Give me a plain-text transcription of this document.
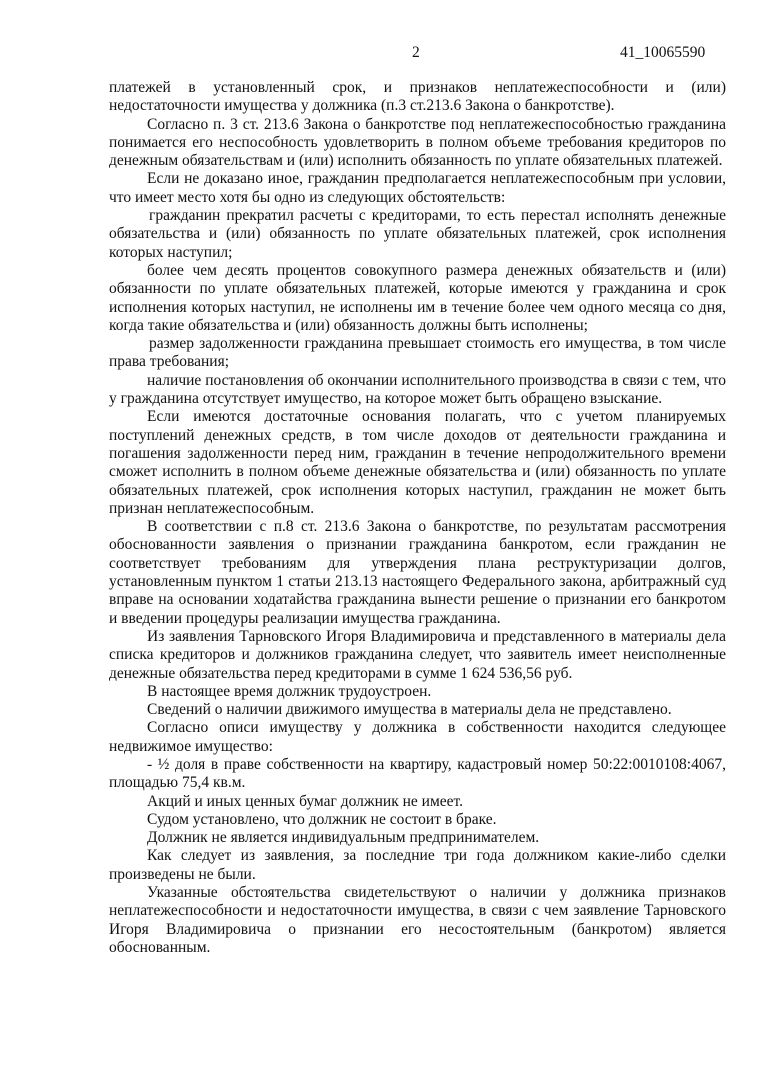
2	41_10065590

платежей в установленный срок, и признаков неплатежеспособности и (или) недостаточности имущества у должника (п.3 ст.213.6 Закона о банкротстве).

Согласно п. 3 ст. 213.6 Закона о банкротстве под неплатежеспособностью гражданина понимается его неспособность удовлетворить в полном объеме требования кредиторов по денежным обязательствам и (или) исполнить обязанность по уплате обязательных платежей.

Если не доказано иное, гражданин предполагается неплатежеспособным при условии, что имеет место хотя бы одно из следующих обстоятельств:

гражданин прекратил расчеты с кредиторами, то есть перестал исполнять денежные обязательства и (или) обязанность по уплате обязательных платежей, срок исполнения которых наступил;

более чем десять процентов совокупного размера денежных обязательств и (или) обязанности по уплате обязательных платежей, которые имеются у гражданина и срок исполнения которых наступил, не исполнены им в течение более чем одного месяца со дня, когда такие обязательства и (или) обязанность должны быть исполнены;

размер задолженности гражданина превышает стоимость его имущества, в том числе права требования;

наличие постановления об окончании исполнительного производства в связи с тем, что у гражданина отсутствует имущество, на которое может быть обращено взыскание.

Если имеются достаточные основания полагать, что с учетом планируемых поступлений денежных средств, в том числе доходов от деятельности гражданина и погашения задолженности перед ним, гражданин в течение непродолжительного времени сможет исполнить в полном объеме денежные обязательства и (или) обязанность по уплате обязательных платежей, срок исполнения которых наступил, гражданин не может быть признан неплатежеспособным.

В соответствии с п.8 ст. 213.6 Закона о банкротстве, по результатам рассмотрения обоснованности заявления о признании гражданина банкротом, если гражданин не соответствует требованиям для утверждения плана реструктуризации долгов, установленным пунктом 1 статьи 213.13 настоящего Федерального закона, арбитражный суд вправе на основании ходатайства гражданина вынести решение о признании его банкротом и введении процедуры реализации имущества гражданина.

Из заявления Тарновского Игоря Владимировича и представленного в материалы дела списка кредиторов и должников гражданина следует, что заявитель имеет неисполненные денежные обязательства перед кредиторами в сумме 1 624 536,56 руб.

В настоящее время должник трудоустроен.

Сведений о наличии движимого имущества в материалы дела не представлено.

Согласно описи имуществу у должника в собственности находится следующее недвижимое имущество:

- ½ доля в праве собственности на квартиру, кадастровый номер 50:22:0010108:4067, площадью 75,4 кв.м.

Акций и иных ценных бумаг должник не имеет.

Судом установлено, что должник не состоит в браке.

Должник не является индивидуальным предпринимателем.

Как следует из заявления, за последние три года должником какие-либо сделки произведены не были.

Указанные обстоятельства свидетельствуют о наличии у должника признаков неплатежеспособности и недостаточности имущества, в связи с чем заявление Тарновского Игоря Владимировича о признании его несостоятельным (банкротом) является обоснованным.
